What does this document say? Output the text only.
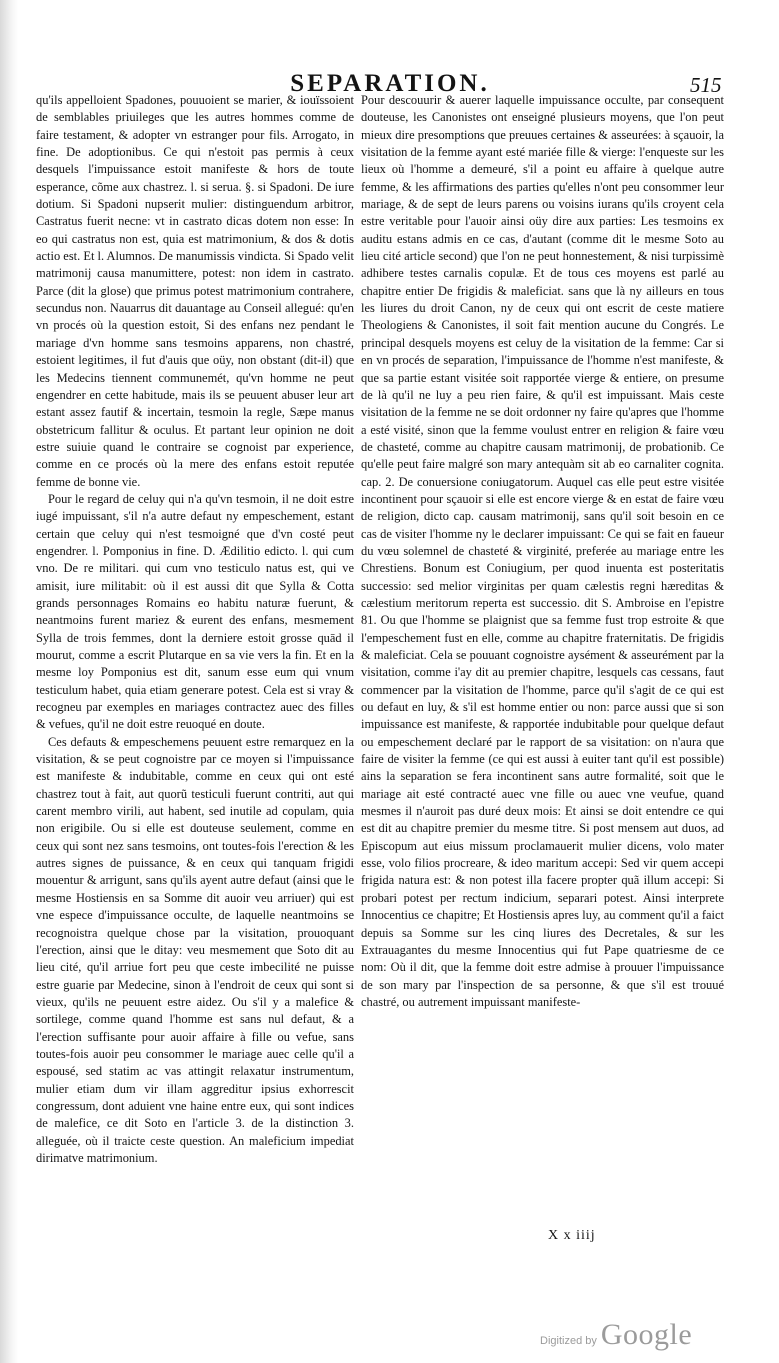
SEPARATION.	515

qu'ils appelloient Spadones, pouuoient se marier, & iouïssoient de semblables priuileges que les autres hommes comme de faire testament, & adopter vn estranger pour fils. Arrogato, in fine. De adoptionibus. Ce qui n'estoit pas permis à ceux desquels l'impuissance estoit manifeste & hors de toute esperance, cõme aux chastrez. l. si serua. §. si Spadoni. De iure dotium. Si Spadoni nupserit mulier: distinguendum arbitror, Castratus fuerit necne: vt in castrato dicas dotem non esse: In eo qui castratus non est, quia est matrimonium, & dos & dotis actio est. Et l. Alumnos. De manumissis vindicta. Si Spado velit matrimonij causa manumittere, potest: non idem in castrato. Parce (dit la glose) que primus potest matrimonium contrahere, secundus non. Nauarrus dit dauantage au Conseil allegué: qu'en vn procés où la question estoit, Si des enfans nez pendant le mariage d'vn homme sans tesmoins apparens, non chastré, estoient legitimes, il fut d'auis que oüy, non obstant (dit-il) que les Medecins tiennent communemét, qu'vn homme ne peut engendrer en cette habitude, mais ils se peuuent abuser leur art estant assez fautif & incertain, tesmoin la regle, Sæpe manus obstetricum fallitur & oculus. Et partant leur opinion ne doit estre suiuie quand le contraire se cognoist par experience, comme en ce procés où la mere des enfans estoit reputée femme de bonne vie.

Pour le regard de celuy qui n'a qu'vn tesmoin, il ne doit estre iugé impuissant, s'il n'a autre defaut ny empeschement, estant certain que celuy qui n'est tesmoigné que d'vn costé peut engendrer. l. Pomponius in fine. D. Ædilitio edicto. l. qui cum vno. De re militari. qui cum vno testiculo natus est, qui ve amisit, iure militabit: où il est aussi dit que Sylla & Cotta grands personnages Romains eo habitu naturæ fuerunt, & neantmoins furent mariez & eurent des enfans, mesmement Sylla de trois femmes, dont la derniere estoit grosse quād il mourut, comme a escrit Plutarque en sa vie vers la fin. Et en la mesme loy Pomponius est dit, sanum esse eum qui vnum testiculum habet, quia etiam generare potest. Cela est si vray & recogneu par exemples en mariages contractez auec des filles & vefues, qu'il ne doit estre reuoqué en doute.

Ces defauts & empeschemens peuuent estre remarquez en la visitation, & se peut cognoistre par ce moyen si l'impuissance est manifeste & indubitable, comme en ceux qui ont esté chastrez tout à fait, aut quorũ testiculi fuerunt contriti, aut qui carent membro virili, aut habent, sed inutile ad copulam, quia non erigibile. Ou si elle est douteuse seulement, comme en ceux qui sont nez sans tesmoins, ont toutes-fois l'erection & les autres signes de puissance, & en ceux qui tanquam frigidi mouentur & arrigunt, sans qu'ils ayent autre defaut (ainsi que le mesme Hostiensis en sa Somme dit auoir veu arriuer) qui est vne espece d'impuissance occulte, de laquelle neantmoins se recognoistra quelque chose par la visitation, prouoquant l'erection, ainsi que le ditay: veu mesmement que Soto dit au lieu cité, qu'il arriue fort peu que ceste imbecilité ne puisse estre guarie par Medecine, sinon à l'endroit de ceux qui sont si vieux, qu'ils ne peuuent estre aidez. Ou s'il y a malefice & sortilege, comme quand l'homme est sans nul defaut, & a l'erection suffisante pour auoir affaire à fille ou vefue, sans toutes-fois auoir peu consommer le mariage auec celle qu'il a espousé, sed statim ac vas attingit relaxatur instrumentum, mulier etiam dum vir illam aggreditur ipsius exhorrescit congressum, dont aduient vne haine entre eux, qui sont indices de malefice, ce dit Soto en l'article 3. de la distinction 3. alleguée, où il traicte ceste question. An maleficium impediat dirimatve matrimonium.

Pour descouurir & auerer laquelle impuissance occulte, par consequent douteuse, les Canonistes ont enseigné plusieurs moyens, que l'on peut mieux dire presomptions que preuues certaines & asseurées: à sçauoir, la visitation de la femme ayant esté mariée fille & vierge: l'enqueste sur les lieux où l'homme a demeuré, s'il a point eu affaire à quelque autre femme, & les affirmations des parties qu'elles n'ont peu consommer leur mariage, & de sept de leurs parens ou voisins iurans qu'ils croyent cela estre veritable pour l'auoir ainsi oüy dire aux parties: Les tesmoins ex auditu estans admis en ce cas, d'autant (comme dit le mesme Soto au lieu cité article second) que l'on ne peut honnestement, & nisi turpissimè adhibere testes carnalis copulæ. Et de tous ces moyens est parlé au chapitre entier De frigidis & maleficiat. sans que là ny ailleurs en tous les liures du droit Canon, ny de ceux qui ont escrit de ceste matiere Theologiens & Canonistes, il soit fait mention aucune du Congrés. Le principal desquels moyens est celuy de la visitation de la femme: Car si en vn procés de separation, l'impuissance de l'homme n'est manifeste, & que sa partie estant visitée soit rapportée vierge & entiere, on presume de là qu'il ne luy a peu rien faire, & qu'il est impuissant. Mais ceste visitation de la femme ne se doit ordonner ny faire qu'apres que l'homme a esté visité, sinon que la femme voulust entrer en religion & faire vœu de chasteté, comme au chapitre causam matrimonij, de probationib. Ce qu'elle peut faire malgré son mary antequàm sit ab eo carnaliter cognita. cap. 2. De conuersione coniugatorum. Auquel cas elle peut estre visitée incontinent pour sçauoir si elle est encore vierge & en estat de faire vœu de religion, dicto cap. causam matrimonij, sans qu'il soit besoin en ce cas de visiter l'homme ny le declarer impuissant: Ce qui se fait en faueur du vœu solemnel de chasteté & virginité, preferée au mariage entre les Chrestiens. Bonum est Coniugium, per quod inuenta est posteritatis successio: sed melior virginitas per quam cælestis regni hæreditas & cælestium meritorum reperta est successio. dit S. Ambroise en l'epistre 81. Ou que l'homme se plaignist que sa femme fust trop estroite & que l'empeschement fust en elle, comme au chapitre fraternitatis. De frigidis & maleficiat. Cela se pouuant cognoistre aysément & asseurément par la visitation, comme i'ay dit au premier chapitre, lesquels cas cessans, faut commencer par la visitation de l'homme, parce qu'il s'agit de ce qui est ou defaut en luy, & s'il est homme entier ou non: parce aussi que si son impuissance est manifeste, & rapportée indubitable pour quelque defaut ou empeschement declaré par le rapport de sa visitation: on n'aura que faire de visiter la femme (ce qui est aussi à euiter tant qu'il est possible) ains la separation se fera incontinent sans autre formalité, soit que le mariage ait esté contracté auec vne fille ou auec vne veufue, quand mesmes il n'auroit pas duré deux mois: Et ainsi se doit entendre ce qui est dit au chapitre premier du mesme titre. Si post mensem aut duos, ad Episcopum aut eius missum proclamauerit mulier dicens, volo mater esse, volo filios procreare, & ideo maritum accepi: Sed vir quem accepi frigida natura est: & non potest illa facere propter quã illum accepi: Si probari potest per rectum indicium, separari potest. Ainsi interprete Innocentius ce chapitre; Et Hostiensis apres luy, au comment qu'il a faict depuis sa Somme sur les cinq liures des Decretales, & sur les Extrauagantes du mesme Innocentius qui fut Pape quatriesme de ce nom: Où il dit, que la femme doit estre admise à prouuer l'impuissance de son mary par l'inspection de sa personne, & que s'il est trouué chastré, ou autrement impuissant manifeste-

X x iiij
Digitized by Google
